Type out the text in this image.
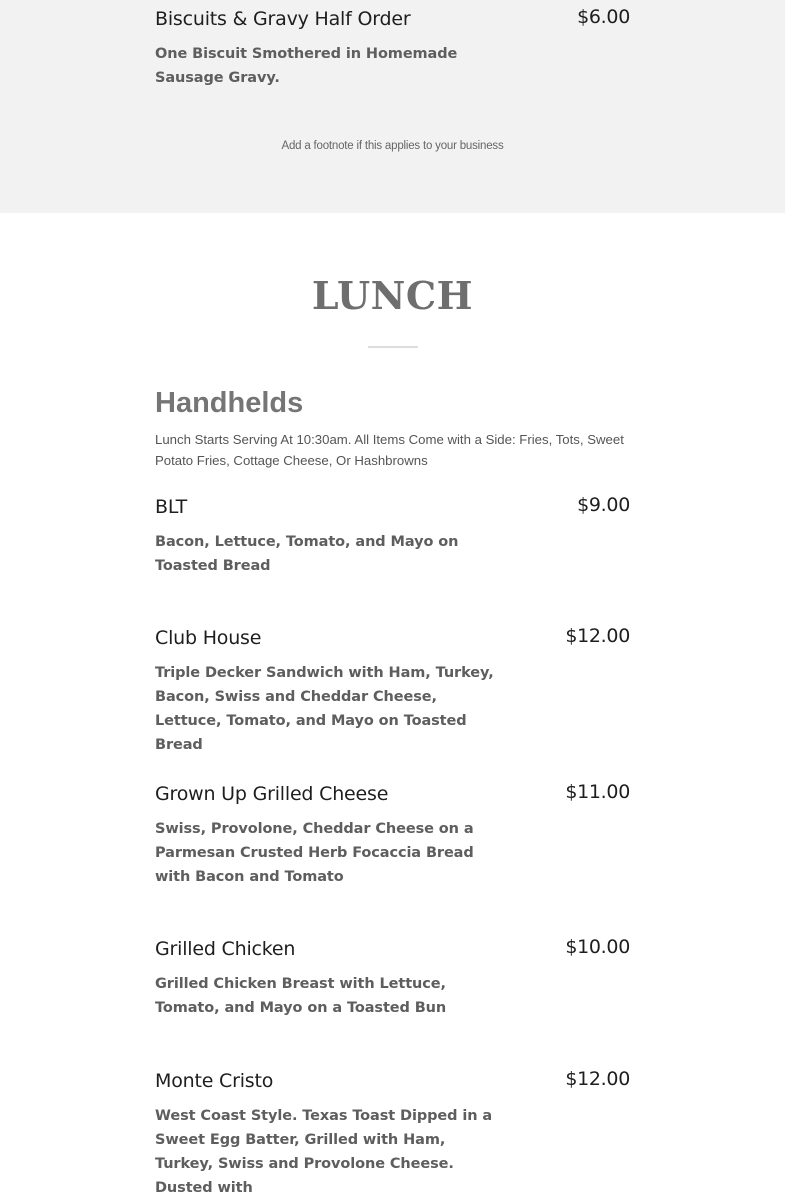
Biscuits & Gravy Half Order	$6.00
One Biscuit Smothered in Homemade Sausage Gravy.
Add a footnote if this applies to your business
LUNCH
Handhelds

Lunch Starts Serving At 10:30am. All Items Come with a Side: Fries, Tots, Sweet Potato Fries, Cottage Cheese, Or Hashbrowns

BLT	$9.00
Bacon, Lettuce, Tomato, and Mayo on Toasted Bread
Club House	$12.00
Triple Decker Sandwich with Ham, Turkey, Bacon, Swiss and Cheddar Cheese, Lettuce, Tomato, and Mayo on Toasted Bread
Grown Up Grilled Cheese	$11.00
Swiss, Provolone, Cheddar Cheese on a Parmesan Crusted Herb Focaccia Bread with Bacon and Tomato
Grilled Chicken	$10.00
Grilled Chicken Breast with Lettuce, Tomato, and Mayo on a Toasted Bun
Monte Cristo	$12.00
West Coast Style. Texas Toast Dipped in a Sweet Egg Batter, Grilled with Ham, Turkey, Swiss and Provolone Cheese. Dusted with
